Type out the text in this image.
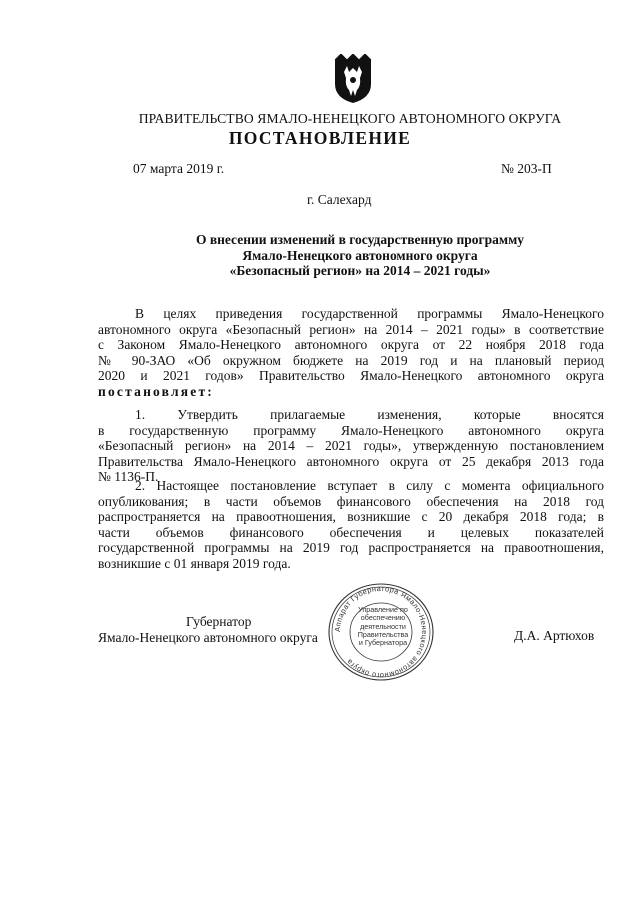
ПРАВИТЕЛЬСТВО ЯМАЛО-НЕНЕЦКОГО АВТОНОМНОГО ОКРУГА
ПОСТАНОВЛЕНИЕ
07 марта 2019 г.	№ 203-П
г. Салехард
О внесении изменений в государственную программу
Ямало-Ненецкого автономного округа
«Безопасный регион» на 2014 – 2021 годы»
В целях приведения государственной программы Ямало-Ненецкого
автономного округа «Безопасный регион» на 2014 – 2021 годы» в соответствие
с Законом Ямало-Ненецкого автономного округа от 22 ноября 2018 года
№ 90-ЗАО «Об окружном бюджете на 2019 год и на плановый период
2020 и 2021 годов» Правительство Ямало-Ненецкого автономного округа
постановляет:
1. Утвердить прилагаемые изменения, которые вносятся
в государственную программу Ямало-Ненецкого автономного округа
«Безопасный регион» на 2014 – 2021 годы», утвержденную постановлением
Правительства Ямало-Ненецкого автономного округа от 25 декабря 2013 года
№ 1136-П.
2. Настоящее постановление вступает в силу с момента официального
опубликования; в части объемов финансового обеспечения на 2018 год
распространяется на правоотношения, возникшие с 20 декабря 2018 года; в
части объемов финансового обеспечения и целевых показателей
государственной программы на 2019 год распространяется на правоотношения,
возникшие с 01 января 2019 года.
Губернатор
Ямало-Ненецкого автономного округа
Аппарат Губернатора Ямало-Ненецкого автономного округа
Управление по
обеспечению
деятельности
Правительства
и Губернатора	Д.А. Артюхов
